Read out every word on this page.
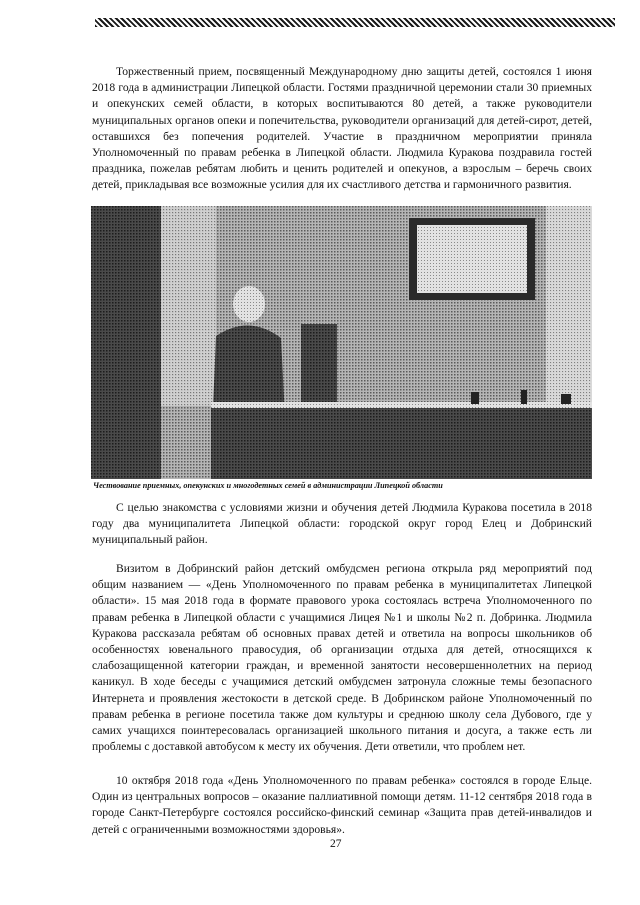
Торжественный прием, посвященный Международному дню защиты детей, состоялся 1 июня 2018 года в администрации Липецкой области. Гостями праздничной церемонии стали 30 приемных и опекунских семей области, в которых воспитываются 80 детей, а также руководители муниципальных органов опеки и попечительства, руководители организаций для детей-сирот, детей, оставшихся без попечения родителей. Участие в праздничном мероприятии приняла Уполномоченный по правам ребенка в Липецкой области. Людмила Куракова поздравила гостей праздника, пожелав ребятам любить и ценить родителей и опекунов, а взрослым – беречь своих детей, прикладывая все возможные усилия для их счастливого детства и гармоничного развития.

Чествование приемных, опекунских и многодетных семей в администрации Липецкой области

С целью знакомства с условиями жизни и обучения детей Людмила Куракова посетила в 2018 году два муниципалитета Липецкой области: городской округ город Елец и Добринский муниципальный район.

Визитом в Добринский район детский омбудсмен региона открыла ряд мероприятий под общим названием — «День Уполномоченного по правам ребенка в муниципалитетах Липецкой области». 15 мая 2018 года в формате правового урока состоялась встреча Уполномоченного по правам ребенка в Липецкой области с учащимися Лицея №1 и школы №2 п. Добринка. Людмила Куракова рассказала ребятам об основных правах детей и ответила на вопросы школьников об особенностях ювенального правосудия, об организации отдыха для детей, относящихся к слабозащищенной категории граждан, и временной занятости несовершеннолетних на период каникул. В ходе беседы с учащимися детский омбудсмен затронула сложные темы безопасного Интернета и проявления жестокости в детской среде. В Добринском районе Уполномоченный по правам ребенка в регионе посетила также дом культуры и среднюю школу села Дубового, где у самих учащихся поинтересовалась организацией школьного питания и досуга, а также есть ли проблемы с доставкой автобусом к месту их обучения. Дети ответили, что проблем нет.

10 октября 2018 года «День Уполномоченного по правам ребенка» состоялся в городе Ельце. Один из центральных вопросов – оказание паллиативной помощи детям. 11-12 сентября 2018 года в городе Санкт-Петербурге состоялся российско-финский семинар «Защита прав детей-инвалидов и детей с ограниченными возможностями здоровья».

27
